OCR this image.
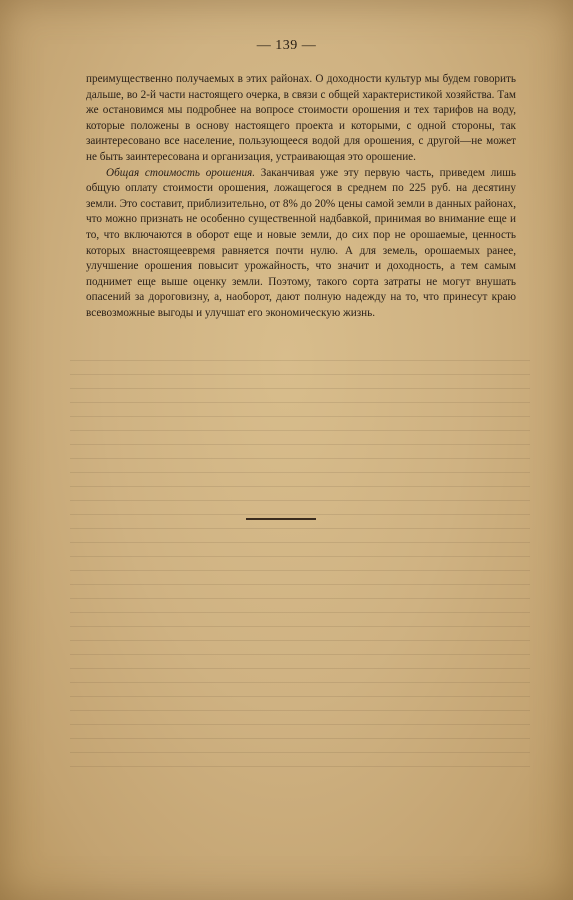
— 139 —

преимущественно получаемых в этих районах. О доходности культур мы будем говорить дальше, во 2-й части настоящего очерка, в связи с общей характеристикой хозяйства. Там же остановимся мы подробнее на вопросе стоимости орошения и тех тарифов на воду, которые положены в основу настоящего проекта и которыми, с одной стороны, так заинтересовано все население, пользующееся водой для орошения, с другой—не может не быть заинтересована и организация, устраивающая это орошение.

Общая стоимость орошения. Заканчивая уже эту первую часть, приведем лишь общую оплату стоимости орошения, ложащегося в среднем по 225 руб. на десятину земли. Это составит, приблизительно, от 8% до 20% цены самой земли в данных районах, что можно признать не особенно существенной надбавкой, принимая во внимание еще и то, что включаются в оборот еще и новые земли, до сих пор не орошаемые, ценность которых внастоящеевремя равняется почти нулю. А для земель, орошаемых ранее, улучшение орошения повысит урожайность, что значит и доходность, а тем самым поднимет еще выше оценку земли. Поэтому, такого сорта затраты не могут внушать опасений за дороговизну, а, наоборот, дают полную надежду на то, что принесут краю всевозможные выгоды и улучшат его экономическую жизнь.
